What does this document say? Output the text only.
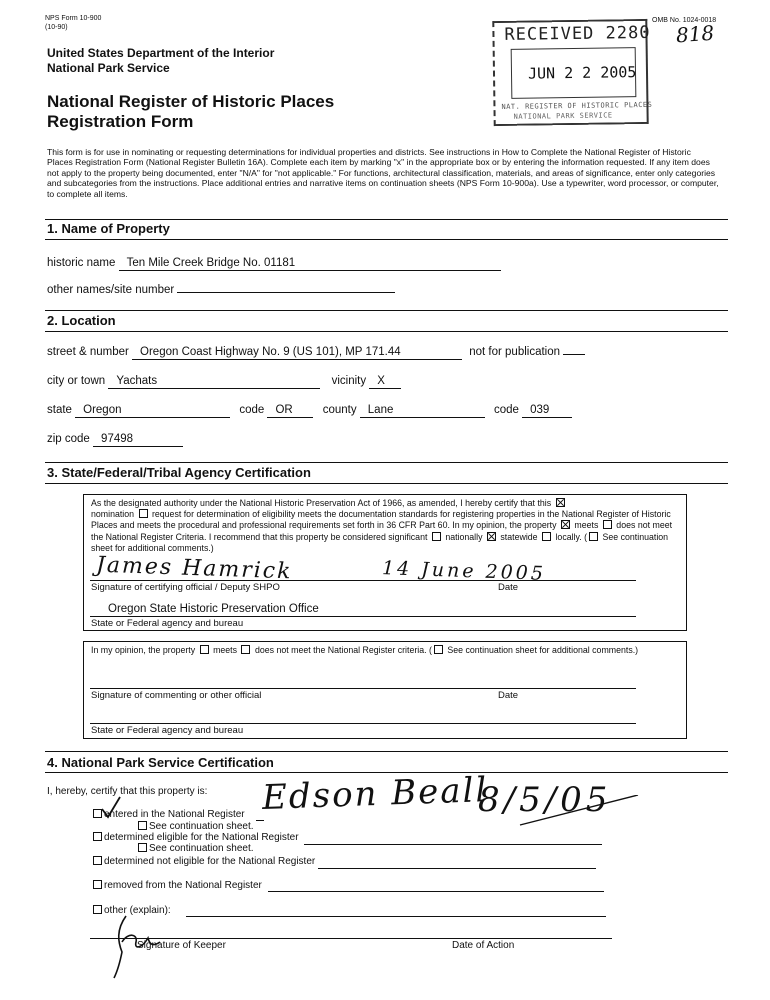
NPS Form 10-900
(10-90)
OMB No. 1024-0018
818
United States Department of the Interior
National Park Service
National Register of Historic Places
Registration Form
RECEIVED 2280
JUN 2 2 2005
NAT. REGISTER OF HISTORIC PLACES
NATIONAL PARK SERVICE
This form is for use in nominating or requesting determinations for individual properties and districts. See instructions in How to Complete the National Register of Historic Places Registration Form (National Register Bulletin 16A). Complete each item by marking "x" in the appropriate box or by entering the information requested. If any item does not apply to the property being documented, enter "N/A" for "not applicable." For functions, architectural classification, materials, and areas of significance, enter only categories and subcategories from the instructions. Place additional entries and narrative items on continuation sheets (NPS Form 10-900a). Use a typewriter, word processor, or computer, to complete all items.
1. Name of Property
historic name Ten Mile Creek Bridge No. 01181
other names/site number
2. Location
street & number Oregon Coast Highway No. 9 (US 101), MP 171.44	not for publication
city or town Yachats	vicinity X
state Oregon	code OR	county Lane	code 039
zip code 97498
3. State/Federal/Tribal Agency Certification
As the designated authority under the National Historic Preservation Act of 1966, as amended, I hereby certify that this
nomination request for determination of eligibility meets the documentation standards for registering properties in the National Register of Historic Places and meets the procedural and professional requirements set forth in 36 CFR Part 60. In my opinion, the property meets does not meet the National Register Criteria. I recommend that this property be considered significant nationally statewide locally. ( See continuation sheet for additional comments.)
James Hamrick	14 June 2005
Signature of certifying official / Deputy SHPO	Date
Oregon State Historic Preservation Office
State or Federal agency and bureau
In my opinion, the property meets does not meet the National Register criteria. ( See continuation sheet for additional comments.)
Signature of commenting or other official	Date
State or Federal agency and bureau
4. National Park Service Certification
I, hereby, certify that this property is: Edson Beall
8/5/05
entered in the National Register
See continuation sheet.
determined eligible for the National Register
See continuation sheet.
determined not eligible for the National Register
removed from the National Register
other (explain):
Signature of Keeper	Date of Action
